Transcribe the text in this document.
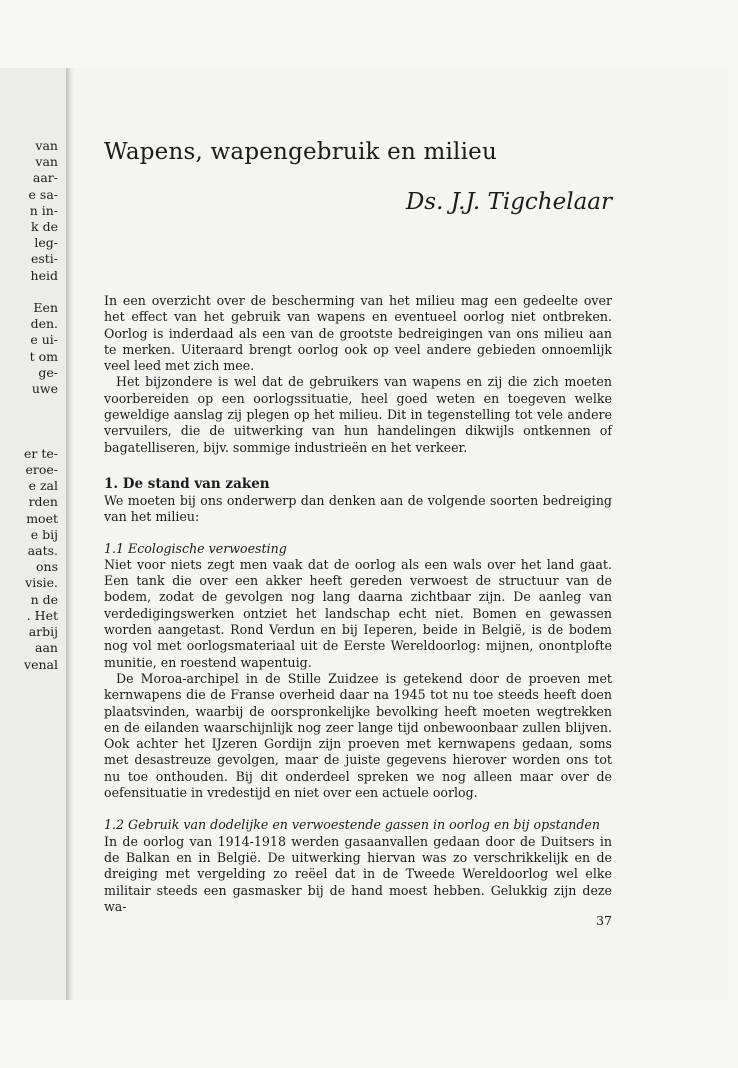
van
van
aar-
e sa-
n in-
k de
leg-
esti-
heid

Een
den.
e ui-
t om
ge-
uwe

er te-
eroe-
e zal
rden
moet
e bij
aats.
ons
visie.
n de
. Het
arbij
aan
venal
Wapens, wapengebruik en milieu
Ds. J.J. Tigchelaar

In een overzicht over de bescherming van het milieu mag een gedeelte over het effect van het gebruik van wapens en eventueel oorlog niet ontbreken. Oorlog is inderdaad als een van de grootste bedreigingen van ons milieu aan te merken. Uiteraard brengt oorlog ook op veel andere gebieden onnoemlijk veel leed met zich mee.

Het bijzondere is wel dat de gebruikers van wapens en zij die zich moeten voorbereiden op een oorlogssituatie, heel goed weten en toegeven welke geweldige aanslag zij plegen op het milieu. Dit in tegenstelling tot vele andere vervuilers, die de uitwerking van hun handelingen dikwijls ontkennen of bagatelliseren, bijv. sommige industrieën en het verkeer.

1. De stand van zaken

We moeten bij ons onderwerp dan denken aan de volgende soorten bedreiging van het milieu:

1.1 Ecologische verwoesting

Niet voor niets zegt men vaak dat de oorlog als een wals over het land gaat. Een tank die over een akker heeft gereden verwoest de structuur van de bodem, zodat de gevolgen nog lang daarna zichtbaar zijn. De aanleg van verdedigingswerken ontziet het landschap echt niet. Bomen en gewassen worden aangetast. Rond Verdun en bij Ieperen, beide in België, is de bodem nog vol met oorlogsmateriaal uit de Eerste Wereldoorlog: mijnen, onontplofte munitie, en roestend wapentuig.

De Moroa-archipel in de Stille Zuidzee is getekend door de proeven met kernwapens die de Franse overheid daar na 1945 tot nu toe steeds heeft doen plaatsvinden, waarbij de oorspronkelijke bevolking heeft moeten wegtrekken en de eilanden waarschijnlijk nog zeer lange tijd onbewoonbaar zullen blijven. Ook achter het IJzeren Gordijn zijn proeven met kernwapens gedaan, soms met desastreuze gevolgen, maar de juiste gegevens hierover worden ons tot nu toe onthouden. Bij dit onderdeel spreken we nog alleen maar over de oefensituatie in vredestijd en niet over een actuele oorlog.

1.2 Gebruik van dodelijke en verwoestende gassen in oorlog en bij opstanden

In de oorlog van 1914-1918 werden gasaanvallen gedaan door de Duitsers in de Balkan en in België. De uitwerking hiervan was zo verschrikkelijk en de dreiging met vergelding zo reëel dat in de Tweede Wereldoorlog wel elke militair steeds een gasmasker bij de hand moest hebben. Gelukkig zijn deze wa-

37
